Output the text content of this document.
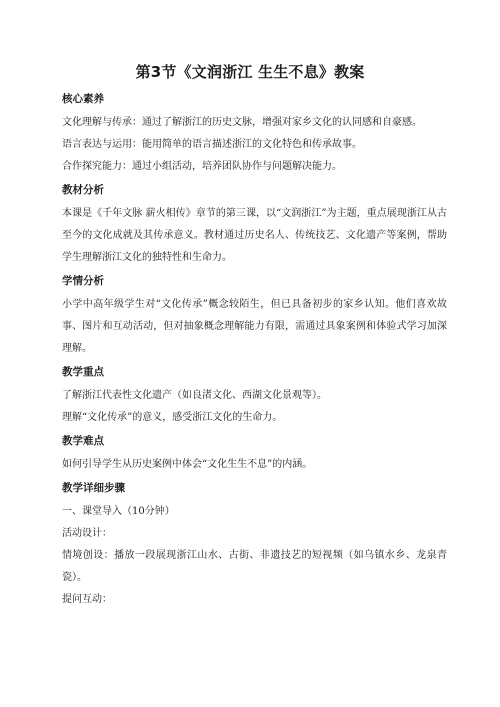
第3节《文润浙江 生生不息》教案
核心素养

文化理解与传承：通过了解浙江的历史文脉，增强对家乡文化的认同感和自豪感。

语言表达与运用：能用简单的语言描述浙江的文化特色和传承故事。

合作探究能力：通过小组活动，培养团队协作与问题解决能力。

教材分析

本课是《千年文脉 薪火相传》章节的第三课，以“文润浙江”为主题，重点展现浙江从古至今的文化成就及其传承意义。教材通过历史名人、传统技艺、文化遗产等案例，帮助学生理解浙江文化的独特性和生命力。

学情分析

小学中高年级学生对“文化传承”概念较陌生，但已具备初步的家乡认知。他们喜欢故事、图片和互动活动，但对抽象概念理解能力有限，需通过具象案例和体验式学习加深理解。

教学重点

了解浙江代表性文化遗产（如良渚文化、西湖文化景观等）。

理解“文化传承”的意义，感受浙江文化的生命力。

教学难点

如何引导学生从历史案例中体会“文化生生不息”的内涵。

教学详细步骤

一、课堂导入（10分钟）

活动设计：

情境创设：播放一段展现浙江山水、古街、非遗技艺的短视频（如乌镇水乡、龙泉青瓷）。

提问互动：
